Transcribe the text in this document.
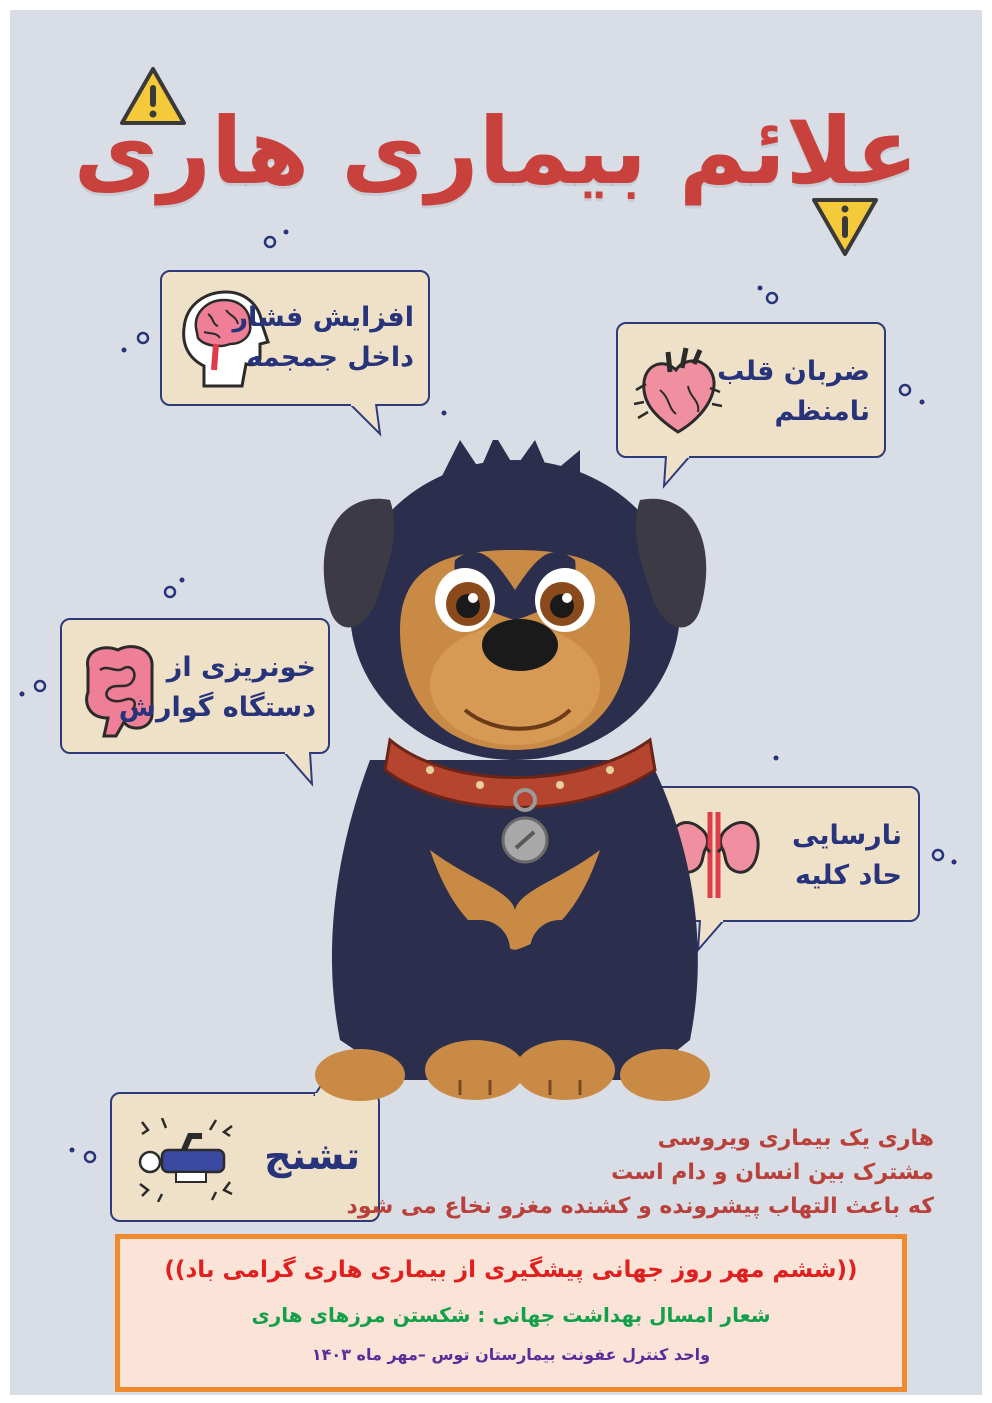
علائم بیماری هاری
افزایش فشار
داخل جمجمه	ضربان قلب
نامنظم
خونریزی از
دستگاه گوارش
نارسایی
حاد کلیه
تشنج	هاری یک بیماری ویروسی
مشترک بین انسان و دام است
که باعث التهاب پیشرونده و کشنده مغزو نخاع می شود
((ششم مهر روز جهانی پیشگیری از بیماری هاری گرامی باد))
شعار امسال بهداشت جهانی : شکستن مرزهای هاری
واحد کنترل عفونت بیمارستان توس –مهر ماه ۱۴۰۳
